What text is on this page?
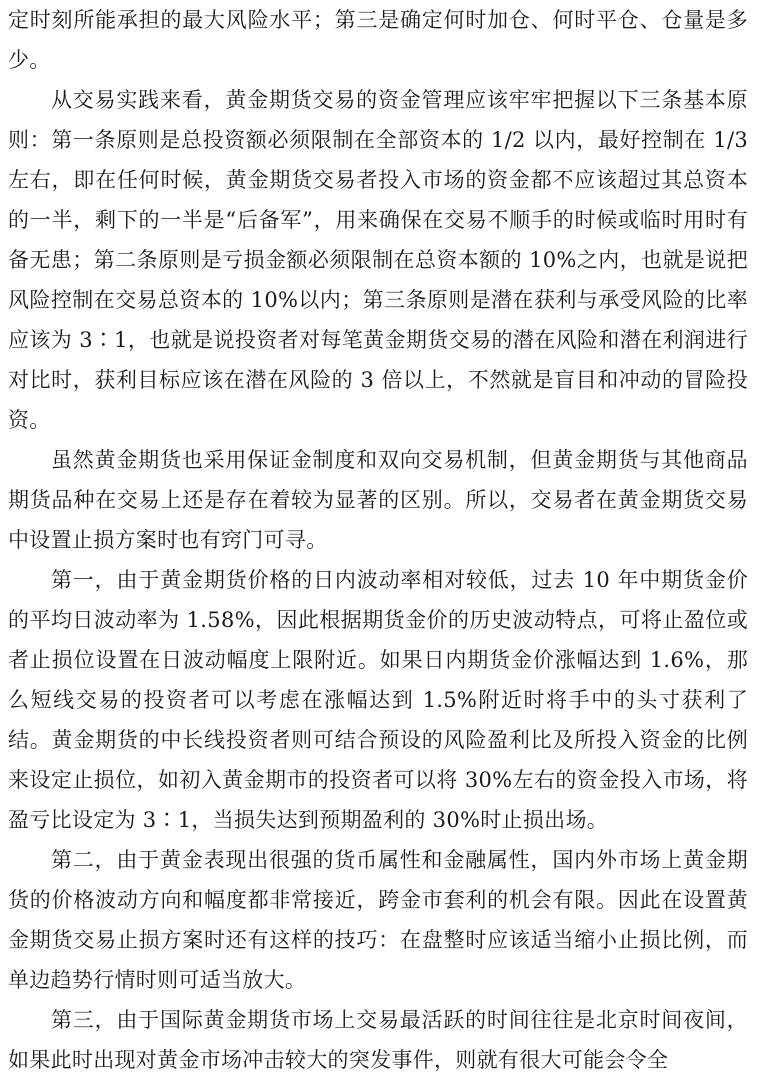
定时刻所能承担的最大风险水平；第三是确定何时加仓、何时平仓、仓量是多少。

从交易实践来看，黄金期货交易的资金管理应该牢牢把握以下三条基本原则：第一条原则是总投资额必须限制在全部资本的 1/2 以内，最好控制在 1/3 左右，即在任何时候，黄金期货交易者投入市场的资金都不应该超过其总资本的一半，剩下的一半是“后备军”，用来确保在交易不顺手的时候或临时用时有备无患；第二条原则是亏损金额必须限制在总资本额的 10%之内，也就是说把风险控制在交易总资本的 10%以内；第三条原则是潜在获利与承受风险的比率应该为 3∶1，也就是说投资者对每笔黄金期货交易的潜在风险和潜在利润进行对比时，获利目标应该在潜在风险的 3 倍以上，不然就是盲目和冲动的冒险投资。

虽然黄金期货也采用保证金制度和双向交易机制，但黄金期货与其他商品期货品种在交易上还是存在着较为显著的区别。所以，交易者在黄金期货交易中设置止损方案时也有窍门可寻。

第一，由于黄金期货价格的日内波动率相对较低，过去 10 年中期货金价的平均日波动率为 1.58%，因此根据期货金价的历史波动特点，可将止盈位或者止损位设置在日波动幅度上限附近。如果日内期货金价涨幅达到 1.6%，那么短线交易的投资者可以考虑在涨幅达到 1.5%附近时将手中的头寸获利了结。黄金期货的中长线投资者则可结合预设的风险盈利比及所投入资金的比例来设定止损位，如初入黄金期市的投资者可以将 30%左右的资金投入市场，将盈亏比设定为 3∶1，当损失达到预期盈利的 30%时止损出场。

第二，由于黄金表现出很强的货币属性和金融属性，国内外市场上黄金期货的价格波动方向和幅度都非常接近，跨金市套利的机会有限。因此在设置黄金期货交易止损方案时还有这样的技巧：在盘整时应该适当缩小止损比例，而单边趋势行情时则可适当放大。

第三，由于国际黄金期货市场上交易最活跃的时间往往是北京时间夜间，如果此时出现对黄金市场冲击较大的突发事件，则就有很大可能会令全
